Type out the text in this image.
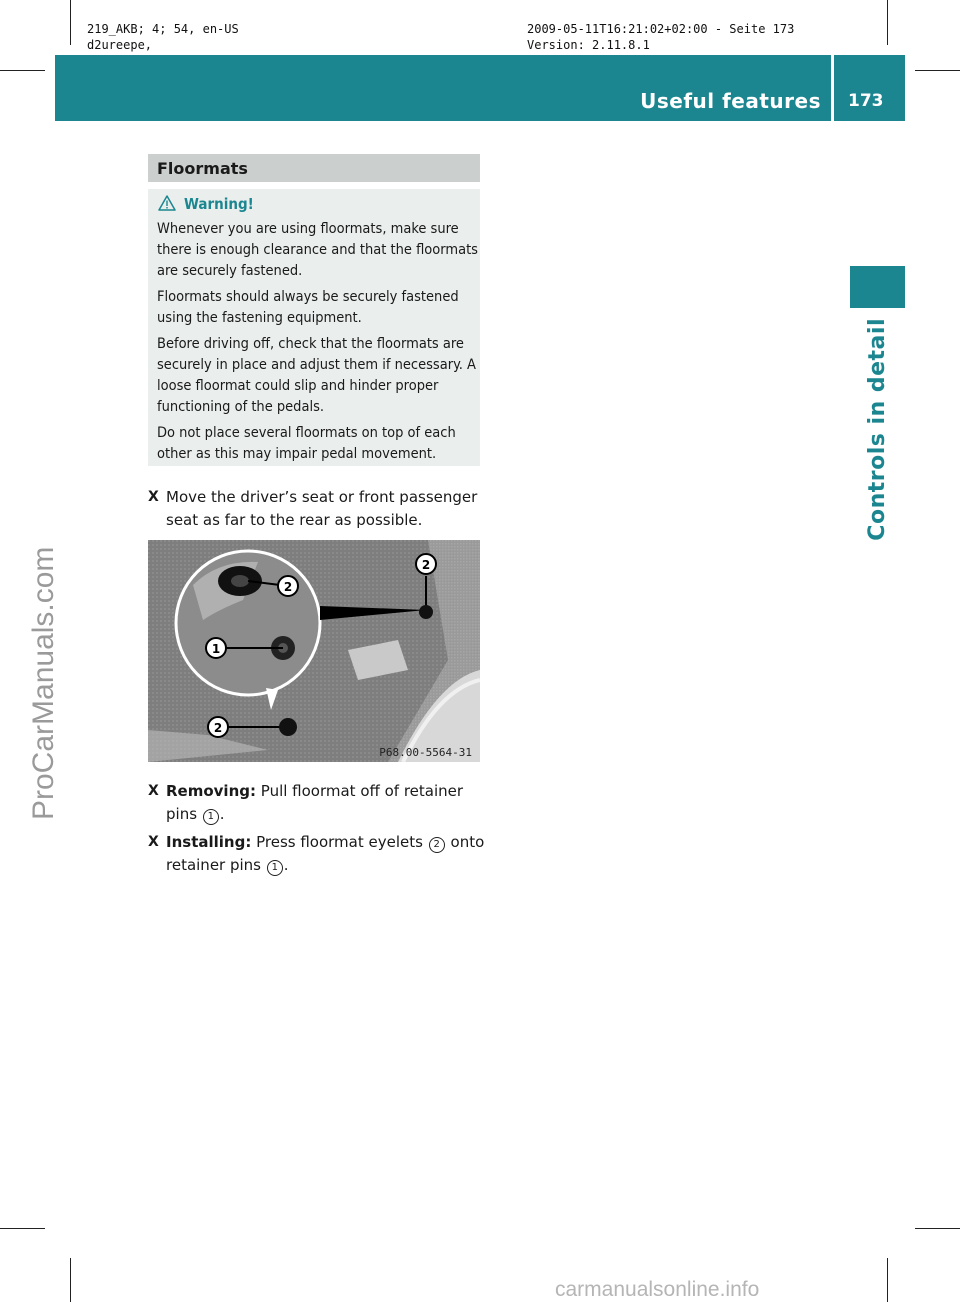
219_AKB; 4; 54, en-US
d2ureepe,
2009-05-11T16:21:02+02:00 - Seite 173
Version: 2.11.8.1
Useful features 173
Controls in detail
ProCarManuals.com
carmanualsonline.info
Floormats
Warning!

Whenever you are using floormats, make sure there is enough clearance and that the floormats are securely fastened.

Floormats should always be securely fastened using the fastening equipment.

Before driving off, check that the floormats are securely in place and adjust them if necessary. A loose floormat could slip and hinder proper functioning of the pedals.

Do not place several floormats on top of each other as this may impair pedal movement.

X Move the driver’s seat or front passenger seat as far to the rear as possible.
2
1
2
2
P68.00-5564-31
X Removing: Pull floormat off of retainer pins 1 .
X Installing: Press floormat eyelets 2 onto retainer pins 1 .
